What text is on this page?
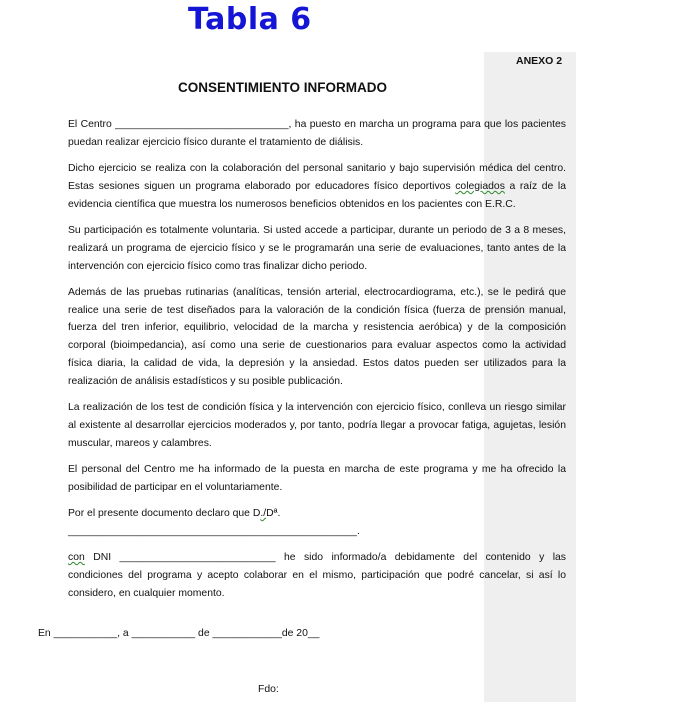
Tabla 6
ANEXO 2
CONSENTIMIENTO INFORMADO

El Centro ______________________________, ha puesto en marcha un programa para que los pacientes puedan realizar ejercicio físico durante el tratamiento de diálisis.

Dicho ejercicio se realiza con la colaboración del personal sanitario y bajo supervisión médica del centro. Estas sesiones siguen un programa elaborado por educadores físico deportivos colegiados a raíz de la evidencia científica que muestra los numerosos beneficios obtenidos en los pacientes con E.R.C.

Su participación es totalmente voluntaria. Si usted accede a participar, durante un periodo de 3 a 8 meses, realizará un programa de ejercicio físico y se le programarán una serie de evaluaciones, tanto antes de la intervención con ejercicio físico como tras finalizar dicho periodo.

Además de las pruebas rutinarias (analíticas, tensión arterial, electrocardiograma, etc.), se le pedirá que realice una serie de test diseñados para la valoración de la condición física (fuerza de prensión manual, fuerza del tren inferior, equilibrio, velocidad de la marcha y resistencia aeróbica) y de la composición corporal (bioimpedancia), así como una serie de cuestionarios para evaluar aspectos como la actividad física diaria, la calidad de vida, la depresión y la ansiedad. Estos datos pueden ser utilizados para la realización de análisis estadísticos y su posible publicación.

La realización de los test de condición física y la intervención con ejercicio físico, conlleva un riesgo similar al existente al desarrollar ejercicios moderados y, por tanto, podría llegar a provocar fatiga, agujetas, lesión muscular, mareos y calambres.

El personal del Centro me ha informado de la puesta en marcha de este programa y me ha ofrecido la posibilidad de participar en el voluntariamente.

Por el presente documento declaro que D./Dª. __________________________________________________.

con DNI ___________________________ he sido informado/a debidamente del contenido y las condiciones del programa y acepto colaborar en el mismo, participación que podré cancelar, si así lo considero, en cualquier momento.

En ___________, a ___________ de ____________de 20__
Fdo:
